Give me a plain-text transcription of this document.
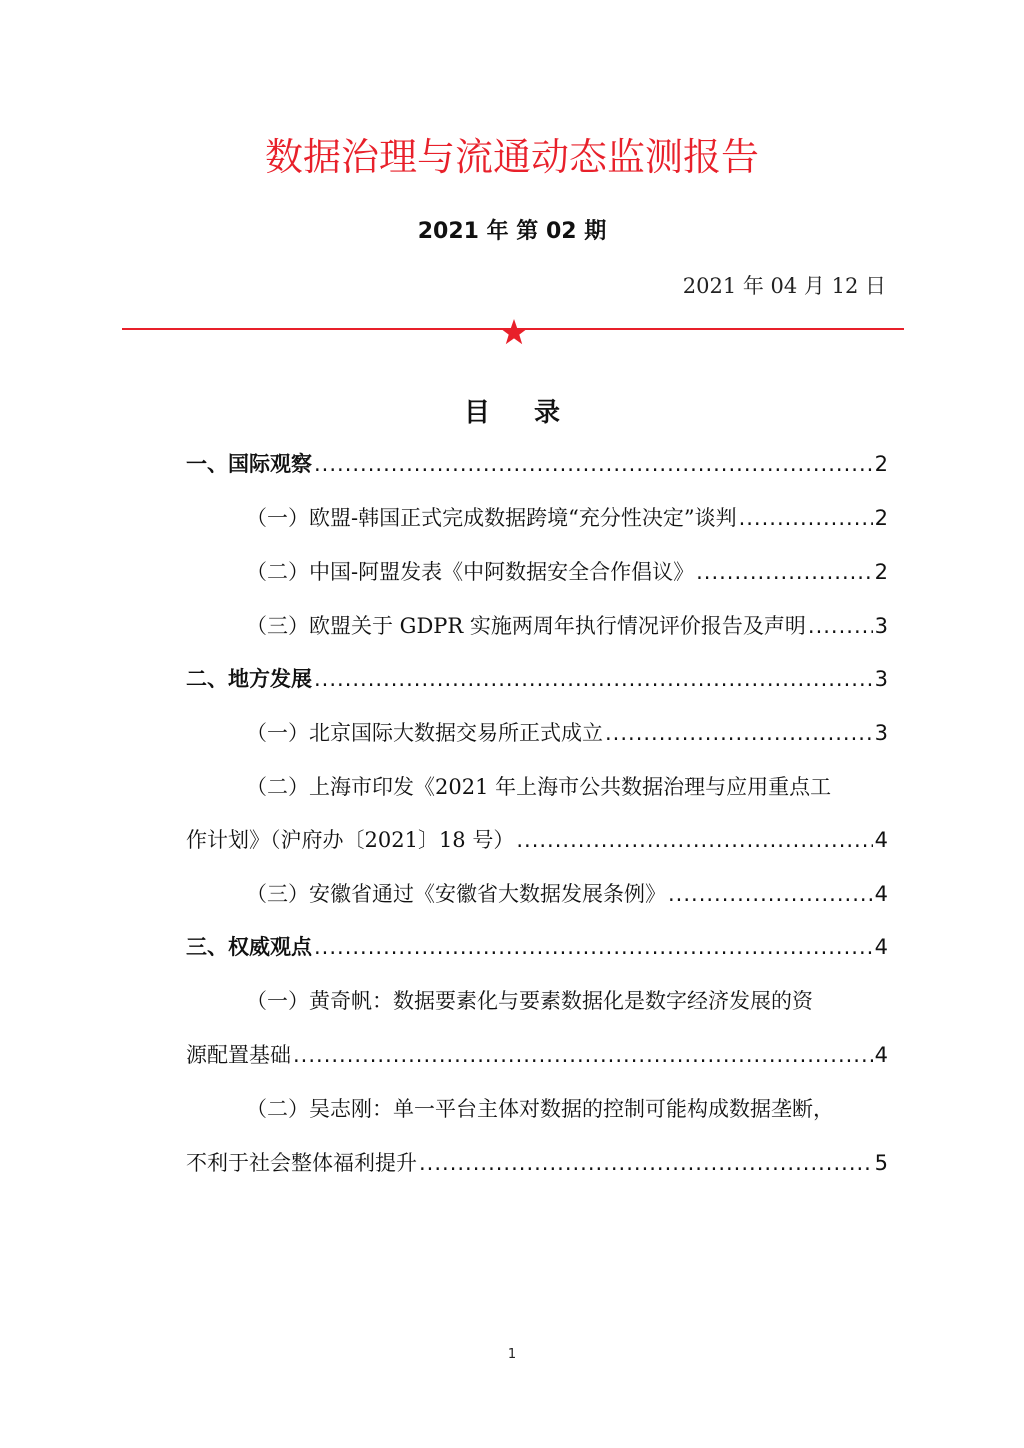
数据治理与流通动态监测报告
2021 年 第 02 期
2021 年 04 月 12 日
目录
一、国际观察 .....	2
（一）欧盟-韩国正式完成数据跨境“充分性决定”谈判 .....	2
（二）中国-阿盟发表《中阿数据安全合作倡议》 .....	2
（三）欧盟关于 GDPR 实施两周年执行情况评价报告及声明 .....	3
二、地方发展 .....	3
（一）北京国际大数据交易所正式成立 .....	3
（二）上海市印发《2021 年上海市公共数据治理与应用重点工
作计划》（沪府办〔2021〕18 号） .....	4
（三）安徽省通过《安徽省大数据发展条例》 .....	4
三、权威观点 .....	4
（一）黄奇帆：数据要素化与要素数据化是数字经济发展的资
源配置基础 .....	4
（二）吴志刚：单一平台主体对数据的控制可能构成数据垄断，
不利于社会整体福利提升 .....	5
1
